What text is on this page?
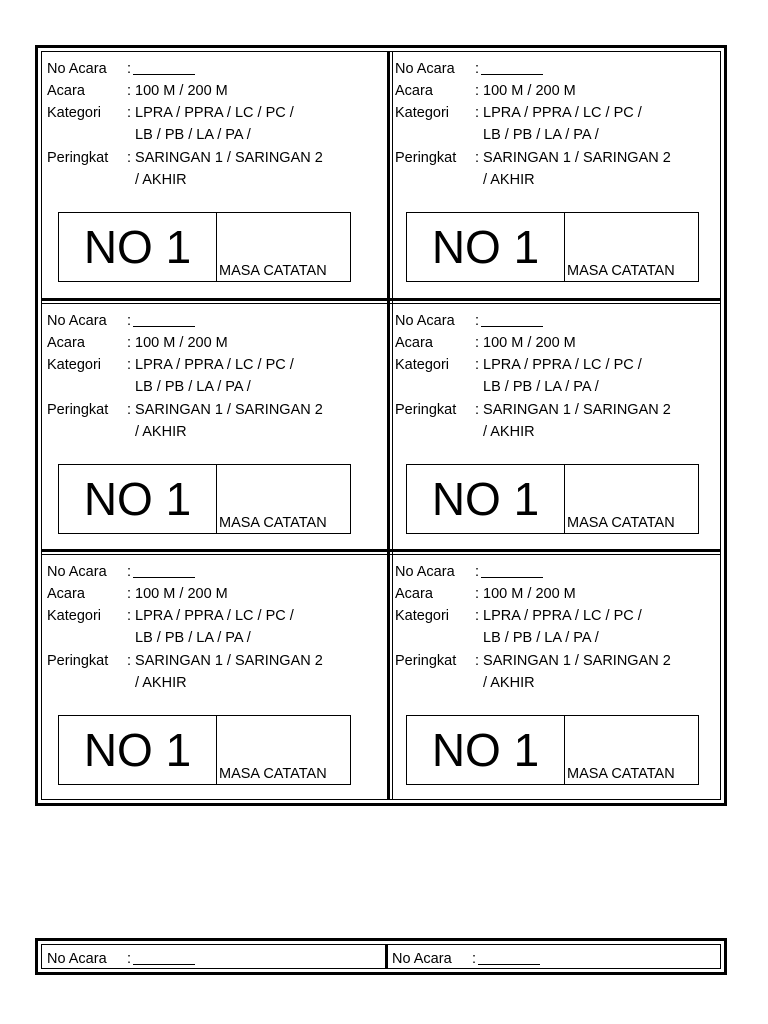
No Acara :
Acara	: 100 M / 200 M
Kategori : LPRA / PPRA / LC / PC /
LB / PB / LA / PA /
Peringkat : SARINGAN 1 / SARINGAN 2
/ AKHIR
NO 1	MASA CATATAN
No Acara :
Acara	: 100 M / 200 M
Kategori : LPRA / PPRA / LC / PC /
LB / PB / LA / PA /
Peringkat : SARINGAN 1 / SARINGAN 2
/ AKHIR
NO 1	MASA CATATAN
No Acara :
Acara	: 100 M / 200 M
Kategori : LPRA / PPRA / LC / PC /
LB / PB / LA / PA /
Peringkat : SARINGAN 1 / SARINGAN 2
/ AKHIR
NO 1	MASA CATATAN
No Acara :
Acara	: 100 M / 200 M
Kategori : LPRA / PPRA / LC / PC /
LB / PB / LA / PA /
Peringkat : SARINGAN 1 / SARINGAN 2
/ AKHIR
NO 1	MASA CATATAN
No Acara :
Acara	: 100 M / 200 M
Kategori : LPRA / PPRA / LC / PC /
LB / PB / LA / PA /
Peringkat : SARINGAN 1 / SARINGAN 2
/ AKHIR
NO 1	MASA CATATAN
No Acara :
Acara	: 100 M / 200 M
Kategori : LPRA / PPRA / LC / PC /
LB / PB / LA / PA /
Peringkat : SARINGAN 1 / SARINGAN 2
/ AKHIR
NO 1	MASA CATATAN
No Acara :	No Acara :
